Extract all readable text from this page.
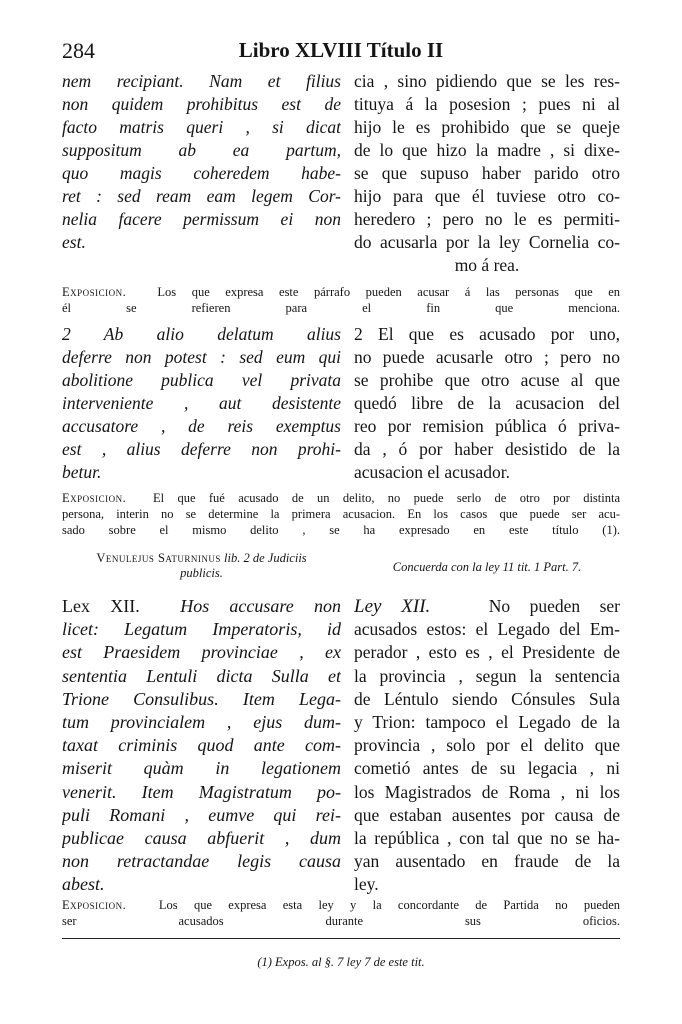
284	Libro XLVIII Título II
nem recipiant. Nam et filius
non quidem prohibitus est de
facto matris queri , si dicat
suppositum ab ea partum,
quo magis coheredem habe-
ret : sed ream eam legem Cor-
nelia facere permissum ei non
est.
cia , sino pidiendo que se les res-
tituya á la posesion ; pues ni al
hijo le es prohibido que se queje
de lo que hizo la madre , si dixe-
se que supuso haber parido otro
hijo para que él tuviese otro co-
heredero ; pero no le es permiti-
do acusarla por la ley Cornelia co-
mo á rea.
Exposicion. Los que expresa este párrafo pueden acusar á las personas que en
él se refieren para el fin que menciona.
2 Ab alio delatum alius
deferre non potest : sed eum qui
abolitione publica vel privata
interveniente , aut desistente
accusatore , de reis exemptus
est , alius deferre non prohi-
betur.
2 El que es acusado por uno,
no puede acusarle otro ; pero no
se prohibe que otro acuse al que
quedó libre de la acusacion del
reo por remision pública ó priva-
da , ó por haber desistido de la
acusacion el acusador.
Exposicion. El que fué acusado de un delito, no puede serlo de otro por distinta
persona, interin no se determine la primera acusacion. En los casos que puede ser acu-
sado sobre el mismo delito , se ha expresado en este título (1).
Venulejus Saturninus lib. 2 de Judiciis
publicis.	Concuerda con la ley 11 tit. 1 Part. 7.
Lex XII.  Hos accusare non
licet: Legatum Imperatoris, id
est Praesidem provinciae , ex
sententia Lentuli dicta Sulla et
Trione Consulibus. Item Lega-
tum provincialem , ejus dum-
taxat criminis quod ante com-
miserit quàm in legationem
venerit. Item Magistratum po-
puli Romani , eumve qui rei-
publicae causa abfuerit , dum
non retractandae legis causa
abest.
Ley XII.   No pueden ser
acusados estos: el Legado del Em-
perador , esto es , el Presidente de
la provincia , segun la sentencia
de Léntulo siendo Cónsules Sula
y Trion: tampoco el Legado de la
provincia , solo por el delito que
cometió antes de su legacia , ni
los Magistrados de Roma , ni los
que estaban ausentes por causa de
la república , con tal que no se ha-
yan ausentado en fraude de la
ley.
Exposicion.	Los que expresa esta ley y la concordante de Partida no pueden
ser acusados durante sus oficios.
(1) Expos. al §. 7 ley 7 de este tit.
